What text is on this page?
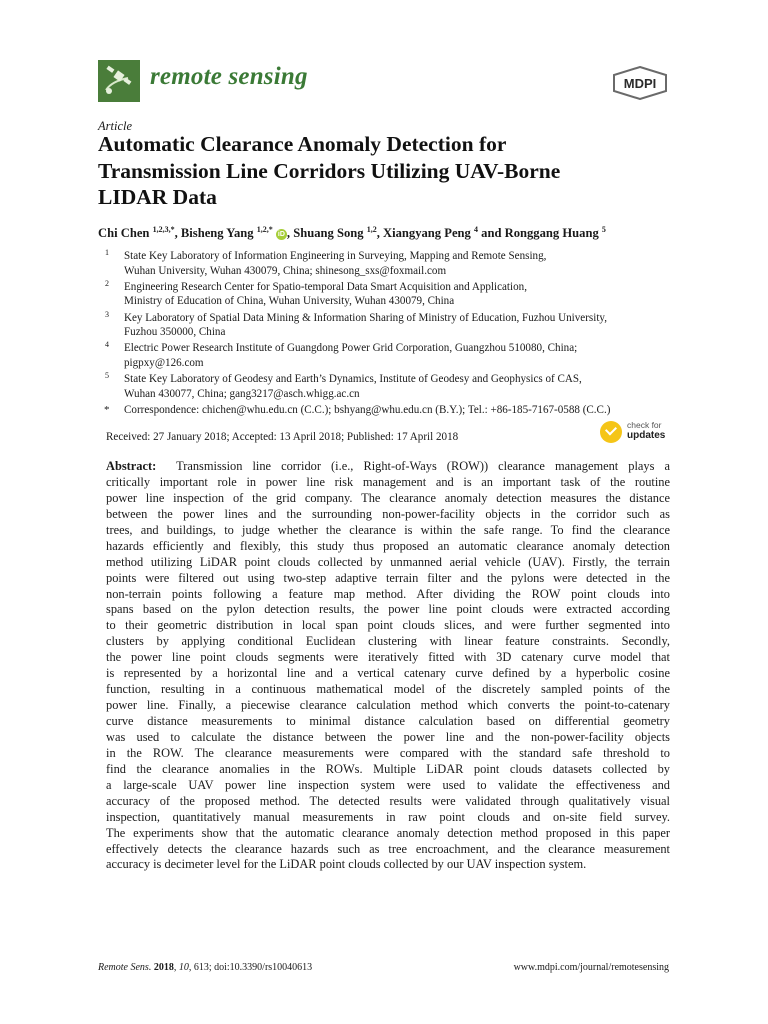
remote sensing	MDPI
Article
Automatic Clearance Anomaly Detection for
Transmission Line Corridors Utilizing UAV-Borne
LIDAR Data
Chi Chen $^{1,2,3,*}$, Bisheng Yang $^{1,2,*}$ iD , Shuang Song $^{1,2}$, Xiangyang Peng $^4$ and Ronggang Huang $^5$
1 State Key Laboratory of Information Engineering in Surveying, Mapping and Remote Sensing,
Wuhan University, Wuhan 430079, China; shinesong_sxs@foxmail.com
2 Engineering Research Center for Spatio-temporal Data Smart Acquisition and Application,
Ministry of Education of China, Wuhan University, Wuhan 430079, China
3 Key Laboratory of Spatial Data Mining & Information Sharing of Ministry of Education, Fuzhou University,
Fuzhou 350000, China
4 Electric Power Research Institute of Guangdong Power Grid Corporation, Guangzhou 510080, China;
pigpxy@126.com
5 State Key Laboratory of Geodesy and Earth’s Dynamics, Institute of Geodesy and Geophysics of CAS,
Wuhan 430077, China; gang3217@asch.whigg.ac.cn
* Correspondence: chichen@whu.edu.cn (C.C.); bshyang@whu.edu.cn (B.Y.); Tel.: +86-185-7167-0588 (C.C.)
Received: 27 January 2018; Accepted: 13 April 2018; Published: 17 April 2018
check for
updates
Abstract: Transmission line corridor (i.e., Right-of-Ways (ROW)) clearance management plays a
critically important role in power line risk management and is an important task of the routine
power line inspection of the grid company. The clearance anomaly detection measures the distance
between the power lines and the surrounding non-power-facility objects in the corridor such as
trees, and buildings, to judge whether the clearance is within the safe range. To find the clearance
hazards efficiently and flexibly, this study thus proposed an automatic clearance anomaly detection
method utilizing LiDAR point clouds collected by unmanned aerial vehicle (UAV). Firstly, the terrain
points were filtered out using two-step adaptive terrain filter and the pylons were detected in the
non-terrain points following a feature map method. After dividing the ROW point clouds into
spans based on the pylon detection results, the power line point clouds were extracted according
to their geometric distribution in local span point clouds slices, and were further segmented into
clusters by applying conditional Euclidean clustering with linear feature constraints. Secondly,
the power line point clouds segments were iteratively fitted with 3D catenary curve model that
is represented by a horizontal line and a vertical catenary curve defined by a hyperbolic cosine
function, resulting in a continuous mathematical model of the discretely sampled points of the
power line. Finally, a piecewise clearance calculation method which converts the point-to-catenary
curve distance measurements to minimal distance calculation based on differential geometry
was used to calculate the distance between the power line and the non-power-facility objects
in the ROW. The clearance measurements were compared with the standard safe threshold to
find the clearance anomalies in the ROWs. Multiple LiDAR point clouds datasets collected by
a large-scale UAV power line inspection system were used to validate the effectiveness and
accuracy of the proposed method. The detected results were validated through qualitatively visual
inspection, quantitatively manual measurements in raw point clouds and on-site field survey.
The experiments show that the automatic clearance anomaly detection method proposed in this paper
effectively detects the clearance hazards such as tree encroachment, and the clearance measurement
accuracy is decimeter level for the LiDAR point clouds collected by our UAV inspection system.
Remote Sens. 2018, 10, 613; doi:10.3390/rs10040613	www.mdpi.com/journal/remotesensing
